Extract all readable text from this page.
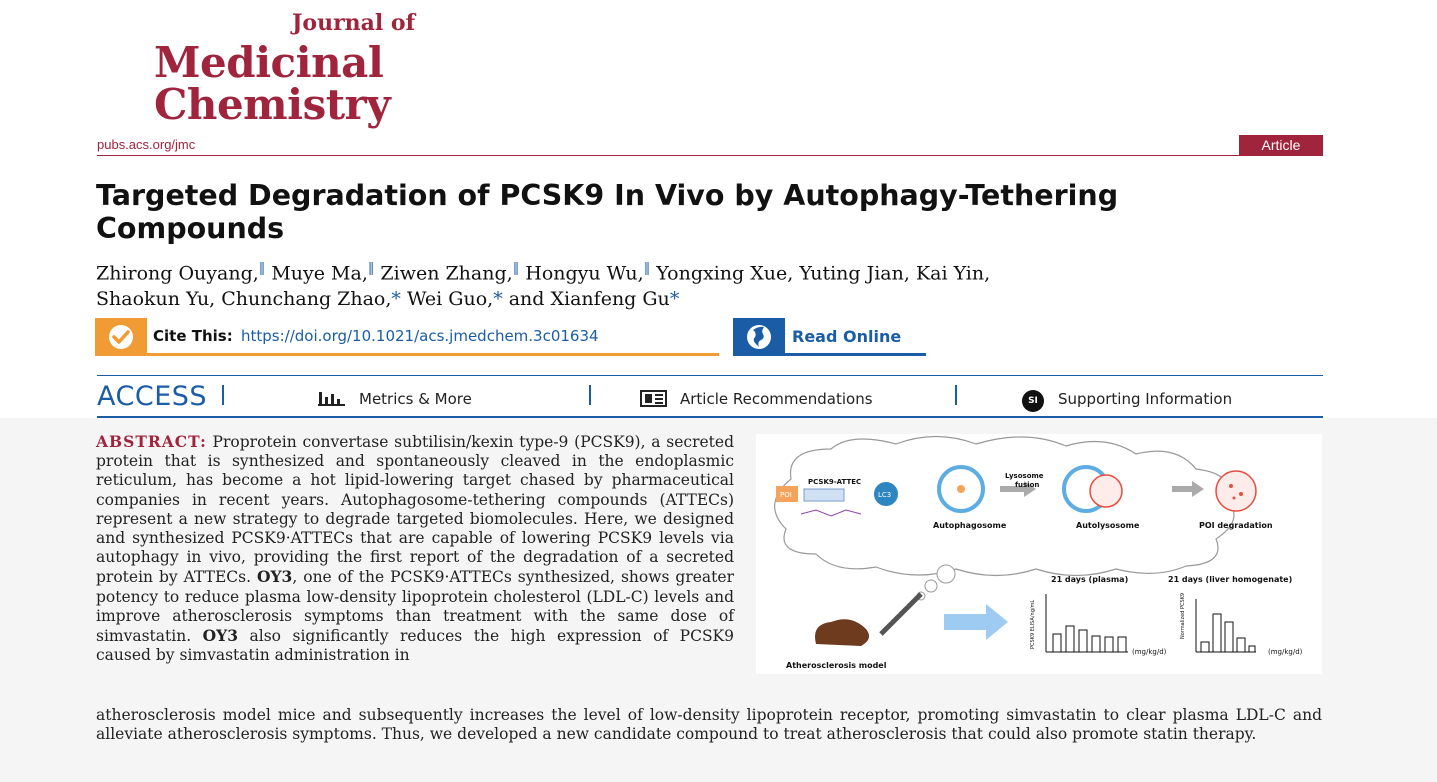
Journal of
Medicinal
Chemistry
pubs.acs.org/jmc	Article
Targeted Degradation of PCSK9 In Vivo by Autophagy-Tethering Compounds
Zhirong Ouyang,‖ Muye Ma,‖ Ziwen Zhang,‖ Hongyu Wu,‖ Yongxing Xue, Yuting Jian, Kai Yin,
Shaokun Yu, Chunchang Zhao,* Wei Guo,* and Xianfeng Gu*
Cite This: https://doi.org/10.1021/acs.jmedchem.3c01634	Read Online
ACCESS	Metrics & More	Article Recommendations	SI	Supporting Information
ABSTRACT: Proprotein convertase subtilisin/kexin type-9 (PCSK9), a secreted protein that is synthesized and spontaneously cleaved in the endoplasmic reticulum, has become a hot lipid-lowering target chased by pharmaceutical companies in recent years. Autophagosome-tethering compounds (ATTECs) represent a new strategy to degrade targeted biomolecules. Here, we designed and synthesized PCSK9·ATTECs that are capable of lowering PCSK9 levels via autophagy in vivo, providing the first report of the degradation of a secreted protein by ATTECs. OY3, one of the PCSK9·ATTECs synthesized, shows greater potency to reduce plasma low-density lipoprotein cholesterol (LDL-C) levels and improve atherosclerosis symptoms than treatment with the same dose of simvastatin. OY3 also significantly reduces the high expression of PCSK9 caused by simvastatin administration in
atherosclerosis model mice and subsequently increases the level of low-density lipoprotein receptor, promoting simvastatin to clear plasma LDL-C and alleviate atherosclerosis symptoms. Thus, we developed a new candidate compound to treat atherosclerosis that could also promote statin therapy.
PCSK9-ATTEC
POI	LC3
Autophagosome
Lysosome
fusion
Autolysosome	POI degradation
Atherosclerosis model
21 days (plasma)	21 days (liver homogenate)
PCSK9 ELISA/ng/mL	Normalized PCSK9
(mg/kg/d)	(mg/kg/d)
